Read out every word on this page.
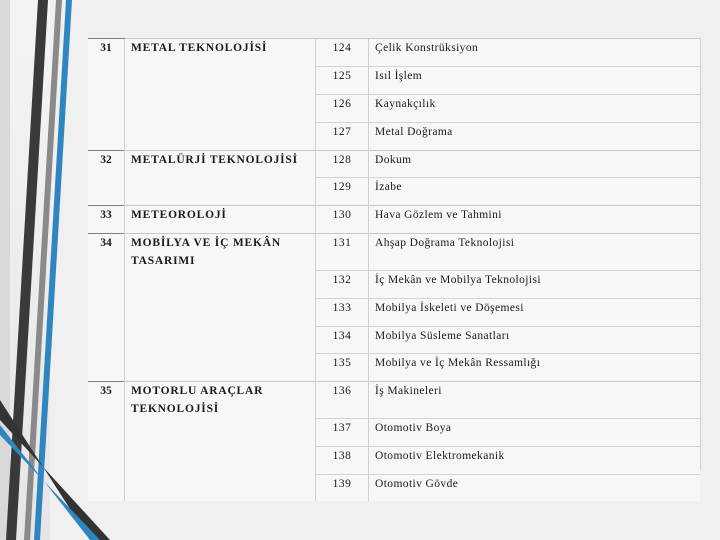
31	METAL TEKNOLOJİSİ	124	Çelik Konstrüksiyon
		125	Isıl İşlem
		126	Kaynakçılık
		127	Metal Doğrama
32	METALÜRJİ TEKNOLOJİSİ	128	Dokum
		129	İzabe
33	METEOROLOJİ	130	Hava Gözlem ve Tahmini
34	MOBİLYA VE İÇ MEKÂN TASARIMI	131	Ahşap Doğrama Teknolojisi
		132	İç Mekân ve Mobilya Teknolojisi
		133	Mobilya İskeleti ve Döşemesi
		134	Mobilya Süsleme Sanatları
		135	Mobilya ve İç Mekân Ressamlığı
35	MOTORLU ARAÇLAR TEKNOLOJİSİ	136	İş Makineleri
		137	Otomotiv Boya
		138	Otomotiv Elektromekanik
		139	Otomotiv Gövde
